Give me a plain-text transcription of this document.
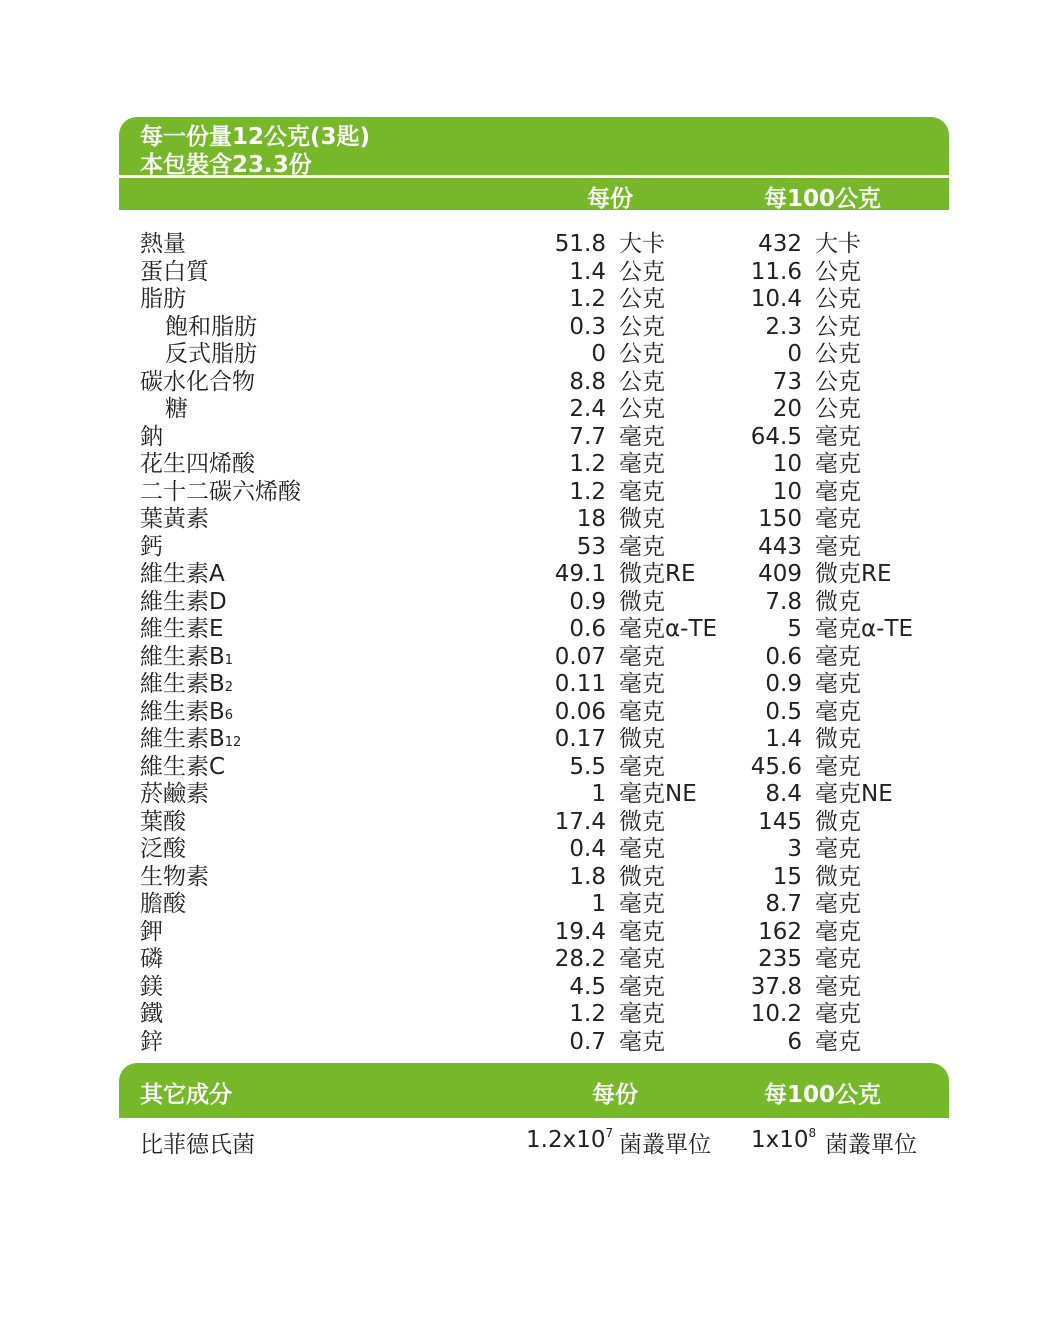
每一份量12公克(3匙)
本包裝含23.3份
每份	每100公克
熱量	51.8 大卡	432 大卡
蛋白質	1.4 公克	11.6 公克
脂肪	1.2 公克	10.4 公克
飽和脂肪	0.3 公克	2.3 公克
反式脂肪	0 公克	0 公克
碳水化合物	8.8 公克	73 公克
糖	2.4 公克	20 公克
鈉	7.7 毫克	64.5 毫克
花生四烯酸	1.2 毫克	10 毫克
二十二碳六烯酸	1.2 毫克	10 毫克
葉黃素	18 微克	150 毫克
鈣	53 毫克	443 毫克
維生素A	49.1 微克RE	409 微克RE
維生素D	0.9 微克	7.8 微克
維生素E	0.6 毫克α-TE	5 毫克α-TE
維生素B1	0.07 毫克	0.6 毫克
維生素B2	0.11 毫克	0.9 毫克
維生素B6	0.06 毫克	0.5 毫克
維生素B12	0.17 微克	1.4 微克
維生素C	5.5 毫克	45.6 毫克
菸鹼素	1 毫克NE	8.4 毫克NE
葉酸	17.4 微克	145 微克
泛酸	0.4 毫克	3 毫克
生物素	1.8 微克	15 微克
膽酸	1 毫克	8.7 毫克
鉀	19.4 毫克	162 毫克
磷	28.2 毫克	235 毫克
鎂	4.5 毫克	37.8 毫克
鐵	1.2 毫克	10.2 毫克
鋅	0.7 毫克	6 毫克
其它成分	每份	每100公克
比菲德氏菌	$1.2x10^7$ 菌叢單位 $1x10^8$ 菌叢單位
